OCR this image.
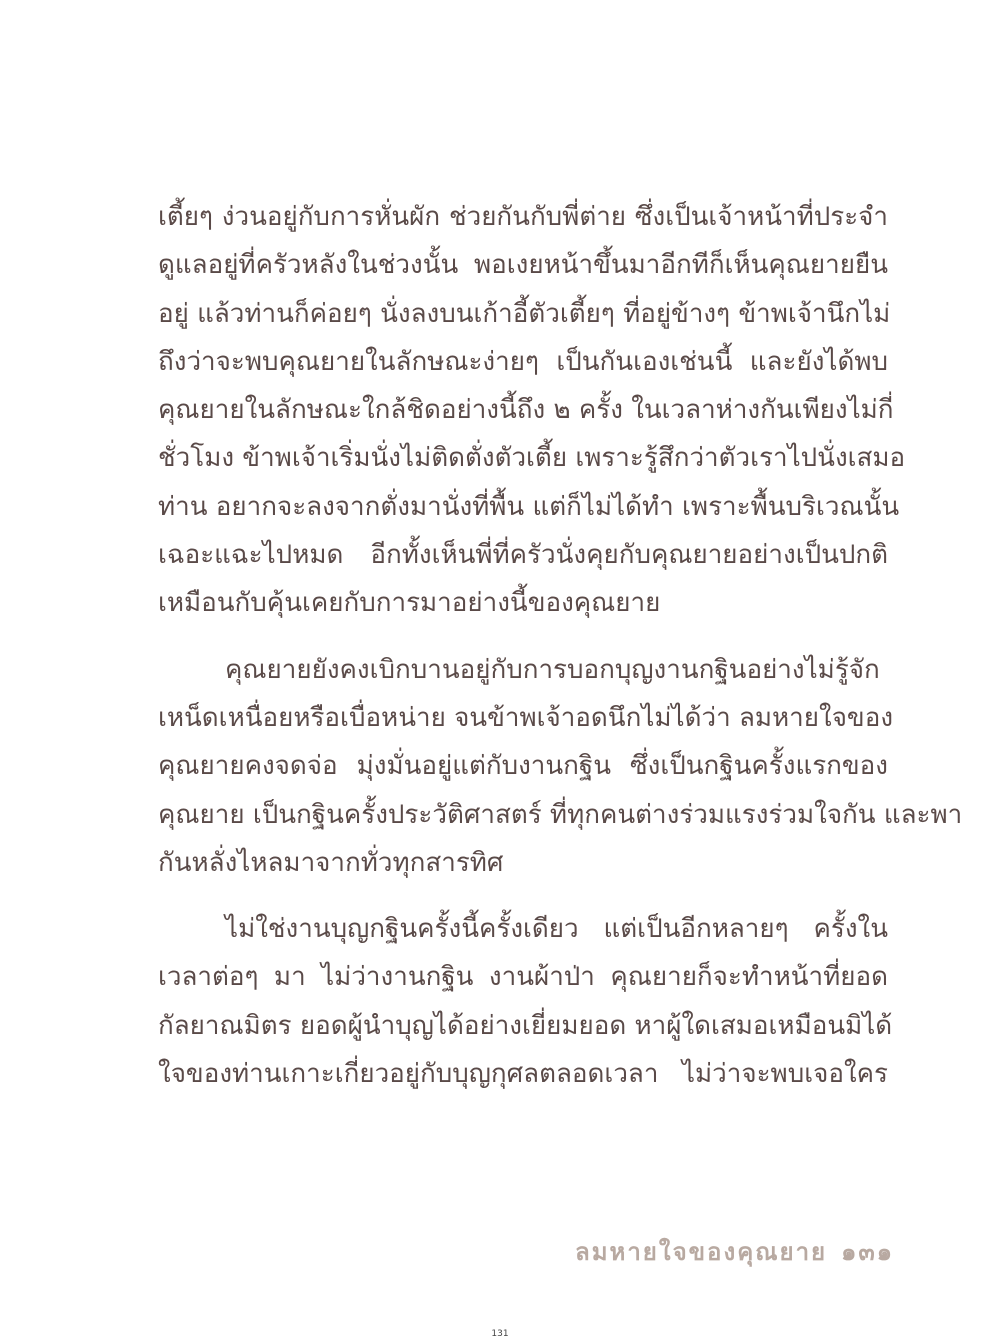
เตี้ยๆ ง่วนอยู่กับการหั่นผัก ช่วยกันกับพี่ต่าย ซึ่งเป็นเจ้าหน้าที่ประจำ
ดูแลอยู่ที่ครัวหลังในช่วงนั้น พอเงยหน้าขึ้นมาอีกทีก็เห็นคุณยายยืน
อยู่ แล้วท่านก็ค่อยๆ นั่งลงบนเก้าอี้ตัวเตี้ยๆ ที่อยู่ข้างๆ ข้าพเจ้านึกไม่
ถึงว่าจะพบคุณยายในลักษณะง่ายๆ เป็นกันเองเช่นนี้ และยังได้พบ
คุณยายในลักษณะใกล้ชิดอย่างนี้ถึง ๒ ครั้ง ในเวลาห่างกันเพียงไม่กี่
ชั่วโมง ข้าพเจ้าเริ่มนั่งไม่ติดตั่งตัวเตี้ย เพราะรู้สึกว่าตัวเราไปนั่งเสมอ
ท่าน อยากจะลงจากตั่งมานั่งที่พื้น แต่ก็ไม่ได้ทำ เพราะพื้นบริเวณนั้น
เฉอะแฉะไปหมด อีกทั้งเห็นพี่ที่ครัวนั่งคุยกับคุณยายอย่างเป็นปกติ
เหมือนกับคุ้นเคยกับการมาอย่างนี้ของคุณยาย
คุณยายยังคงเบิกบานอยู่กับการบอกบุญงานกฐินอย่างไม่รู้จัก
เหน็ดเหนื่อยหรือเบื่อหน่าย จนข้าพเจ้าอดนึกไม่ได้ว่า ลมหายใจของ
คุณยายคงจดจ่อ มุ่งมั่นอยู่แต่กับงานกฐิน ซึ่งเป็นกฐินครั้งแรกของ
คุณยาย เป็นกฐินครั้งประวัติศาสตร์ ที่ทุกคนต่างร่วมแรงร่วมใจกัน และพา
กันหลั่งไหลมาจากทั่วทุกสารทิศ
ไม่ใช่งานบุญกฐินครั้งนี้ครั้งเดียว แต่เป็นอีกหลายๆ ครั้งใน
เวลาต่อๆ มา ไม่ว่างานกฐิน งานผ้าป่า คุณยายก็จะทำหน้าที่ยอด
กัลยาณมิตร ยอดผู้นำบุญได้อย่างเยี่ยมยอด หาผู้ใดเสมอเหมือนมิได้
ใจของท่านเกาะเกี่ยวอยู่กับบุญกุศลตลอดเวลา ไม่ว่าจะพบเจอใคร
ลมหายใจของคุณยาย ๑๓๑
131
